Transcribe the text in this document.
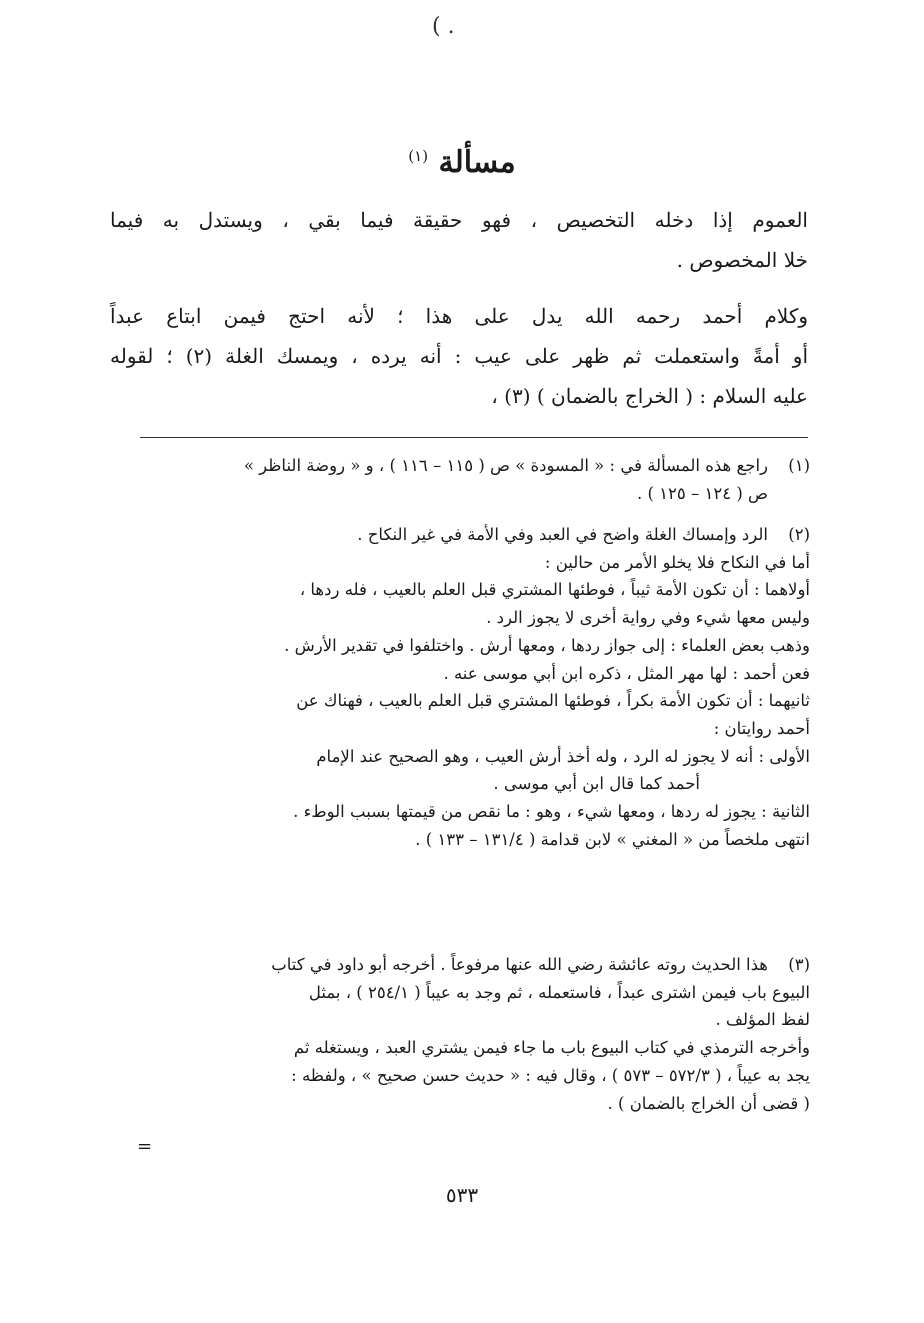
( .
مسألة $^{(١)}$
العموم إذا دخله التخصيص ، فهو حقيقة فيما بقي ، ويستدل به فيما
خلا المخصوص .
وكلام أحمد رحمه الله يدل على هذا ؛ لأنه احتج فيمن ابتاع عبداً
أو أمةً واستعملت ثم ظهر على عيب : أنه يرده ، ويمسك الغلة (٢) ؛ لقوله
عليه السلام : ( الخراج بالضمان ) (٣) ،
(١)
راجع هذه المسألة في : « المسودة » ص ( ١١٥ – ١١٦ ) ، و « روضة الناظر »
ص ( ١٢٤ – ١٢٥ ) .
(٢)
الرد وإمساك الغلة واضح في العبد وفي الأمة في غير النكاح .
أما في النكاح فلا يخلو الأمر من حالين :
أولاهما : أن تكون الأمة ثيباً ، فوطئها المشتري قبل العلم بالعيب ، فله ردها ،
وليس معها شيء وفي رواية أخرى لا يجوز الرد .
وذهب بعض العلماء : إلى جواز ردها ، ومعها أرش . واختلفوا في تقدير الأرش .
فعن أحمد : لها مهر المثل ، ذكره ابن أبي موسى عنه .
ثانيهما : أن تكون الأمة بكراً ، فوطئها المشتري قبل العلم بالعيب ، فهناك عن
أحمد روايتان :
الأولى : أنه لا يجوز له الرد ، وله أخذ أرش العيب ، وهو الصحيح عند الإمام
أحمد كما قال ابن أبي موسى .
الثانية : يجوز له ردها ، ومعها شيء ، وهو : ما نقص من قيمتها بسبب الوطء .
انتهى ملخصاً من « المغني » لابن قدامة ( ١٣١/٤ – ١٣٣ ) .
(٣)
هذا الحديث روته عائشة رضي الله عنها مرفوعاً . أخرجه أبو داود في كتاب
البيوع باب فيمن اشترى عبداً ، فاستعمله ، ثم وجد به عيباً ( ٢٥٤/١ ) ، بمثل
لفظ المؤلف .
وأخرجه الترمذي في كتاب البيوع باب ما جاء فيمن يشتري العبد ، ويستغله ثم
يجد به عيباً ، ( ٥٧٢/٣ – ٥٧٣ ) ، وقال فيه : « حديث حسن صحيح » ، ولفظه :
( قضى أن الخراج بالضمان ) .
=
٥٣٣
